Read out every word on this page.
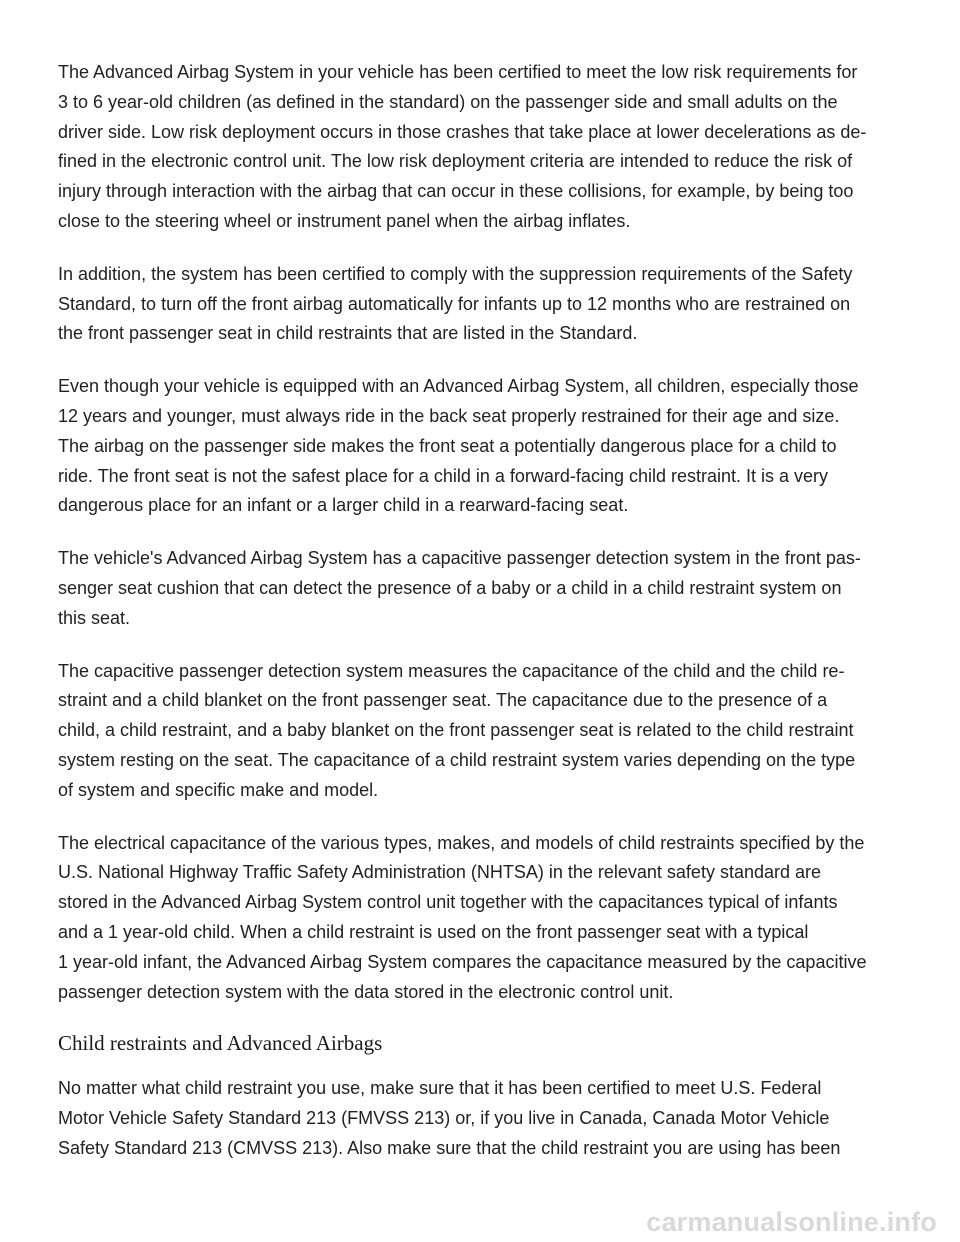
The Advanced Airbag System in your vehicle has been certified to meet the low risk requirements for
3 to 6 year-old children (as defined in the standard) on the passenger side and small adults on the
driver side. Low risk deployment occurs in those crashes that take place at lower decelerations as de-
fined in the electronic control unit. The low risk deployment criteria are intended to reduce the risk of
injury through interaction with the airbag that can occur in these collisions, for example, by being too
close to the steering wheel or instrument panel when the airbag inflates.

In addition, the system has been certified to comply with the suppression requirements of the Safety
Standard, to turn off the front airbag automatically for infants up to 12 months who are restrained on
the front passenger seat in child restraints that are listed in the Standard.

Even though your vehicle is equipped with an Advanced Airbag System, all children, especially those
12 years and younger, must always ride in the back seat properly restrained for their age and size.
The airbag on the passenger side makes the front seat a potentially dangerous place for a child to
ride. The front seat is not the safest place for a child in a forward-facing child restraint. It is a very
dangerous place for an infant or a larger child in a rearward-facing seat.

The vehicle's Advanced Airbag System has a capacitive passenger detection system in the front pas-
senger seat cushion that can detect the presence of a baby or a child in a child restraint system on
this seat.

The capacitive passenger detection system measures the capacitance of the child and the child re-
straint and a child blanket on the front passenger seat. The capacitance due to the presence of a
child, a child restraint, and a baby blanket on the front passenger seat is related to the child restraint
system resting on the seat. The capacitance of a child restraint system varies depending on the type
of system and specific make and model.

The electrical capacitance of the various types, makes, and models of child restraints specified by the
U.S. National Highway Traffic Safety Administration (NHTSA) in the relevant safety standard are
stored in the Advanced Airbag System control unit together with the capacitances typical of infants
and a 1 year-old child. When a child restraint is used on the front passenger seat with a typical
1 year-old infant, the Advanced Airbag System compares the capacitance measured by the capacitive
passenger detection system with the data stored in the electronic control unit.

Child restraints and Advanced Airbags

No matter what child restraint you use, make sure that it has been certified to meet U.S. Federal
Motor Vehicle Safety Standard 213 (FMVSS 213) or, if you live in Canada, Canada Motor Vehicle
Safety Standard 213 (CMVSS 213). Also make sure that the child restraint you are using has been

carmanualsonline.info
